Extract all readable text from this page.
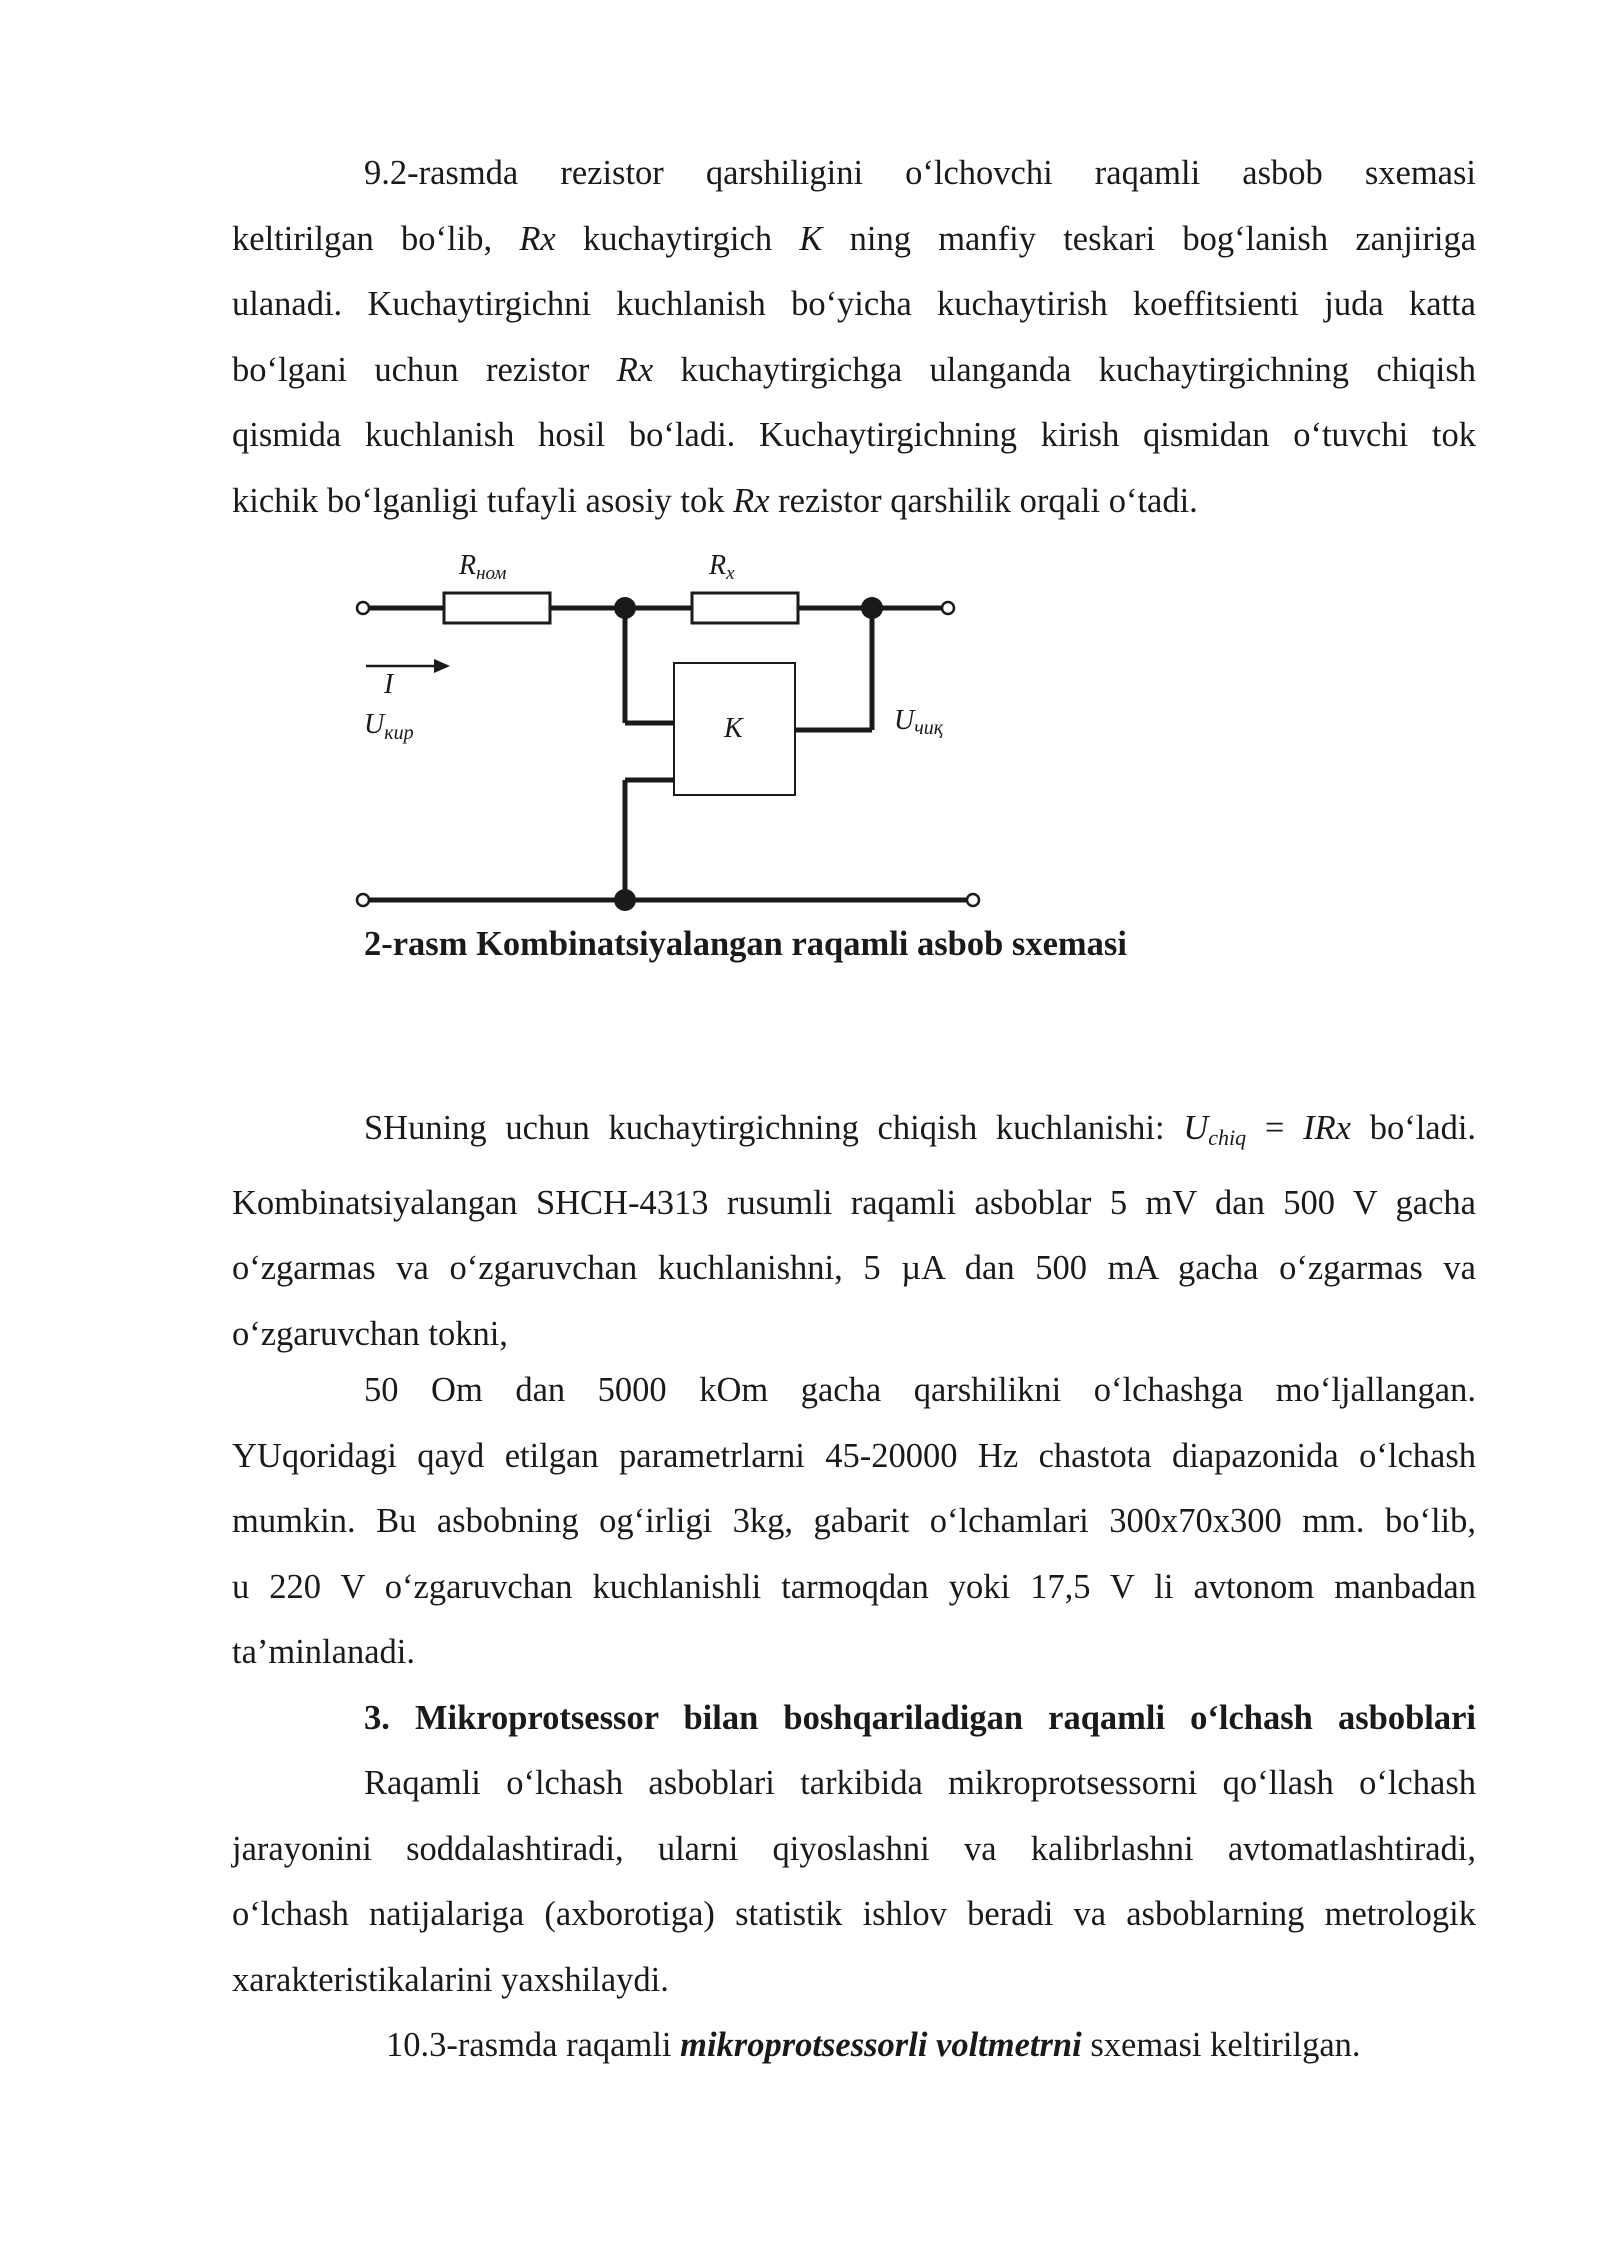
9.2-rasmda rezistor qarshiligini o‘lchovchi raqamli asbob sxemasi
keltirilgan bo‘lib, Rx kuchaytirgich K ning manfiy teskari bog‘lanish zanjiriga
ulanadi. Kuchaytirgichni kuchlanish bo‘yicha kuchaytirish koeffitsienti juda katta
bo‘lgani uchun rezistor Rx kuchaytirgichga ulanganda kuchaytirgichning chiqish
qismida kuchlanish hosil bo‘ladi. Kuchaytirgichning kirish qismidan o‘tuvchi tok
kichik bo‘lganligi tufayli asosiy tok Rx rezistor qarshilik orqali o‘tadi.
Rном	Rx
I
$U_{кир}$	K	Uчиқ

2-rasm Kombinatsiyalangan raqamli asbob sxemasi

SHuning uchun kuchaytirgichning chiqish kuchlanishi: Uchiq = IRx bo‘ladi.
Kombinatsiyalangan SHCH-4313 rusumli raqamli asboblar 5 mV dan 500 V gacha
o‘zgarmas va o‘zgaruvchan kuchlanishni, 5 µA dan 500 mA gacha o‘zgarmas va
o‘zgaruvchan tokni,
50 Om dan 5000 kOm gacha qarshilikni o‘lchashga mo‘ljallangan.
YUqoridagi qayd etilgan parametrlarni 45-20000 Hz chastota diapazonida o‘lchash
mumkin. Bu asbobning og‘irligi 3kg, gabarit o‘lchamlari 300x70x300 mm. bo‘lib,
u 220 V o‘zgaruvchan kuchlanishli tarmoqdan yoki 17,5 V li avtonom manbadan
ta’minlanadi.
3. Mikroprotsessor bilan boshqariladigan raqamli o‘lchash asboblari
Raqamli o‘lchash asboblari tarkibida mikroprotsessorni qo‘llash o‘lchash
jarayonini soddalashtiradi, ularni qiyoslashni va kalibrlashni avtomatlashtiradi,
o‘lchash natijalariga (axborotiga) statistik ishlov beradi va asboblarning metrologik
xarakteristikalarini yaxshilaydi.
10.3-rasmda raqamli mikroprotsessorli voltmetrni sxemasi keltirilgan.
